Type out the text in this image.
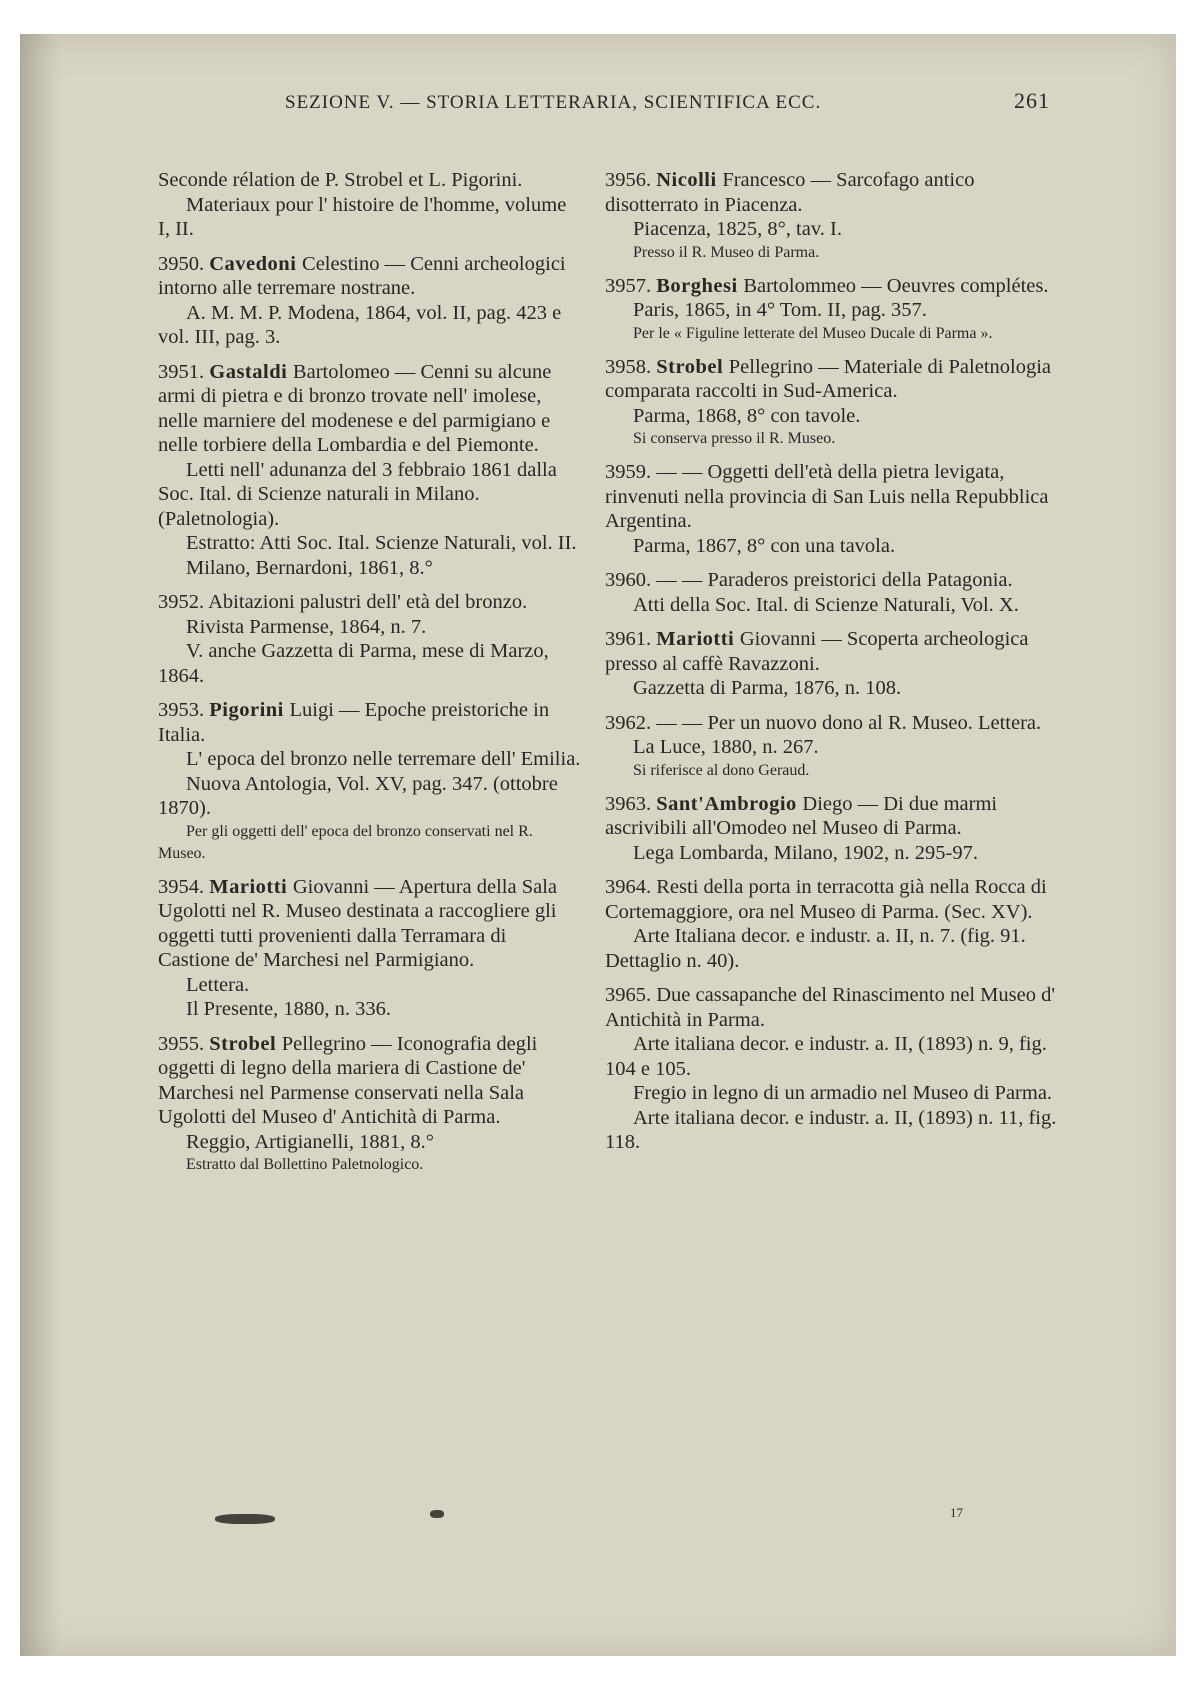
SEZIONE V. — STORIA LETTERARIA, SCIENTIFICA ECC.	261

Seconde rélation de P. Strobel et L. Pigorini.

Materiaux pour l' histoire de l'homme, volume I, II.

3950. Cavedoni Celestino — Cenni archeologici intorno alle terremare nostrane.

A. M. M. P. Modena, 1864, vol. II, pag. 423 e vol. III, pag. 3.

3951. Gastaldi Bartolomeo — Cenni su alcune armi di pietra e di bronzo trovate nell' imolese, nelle marniere del modenese e del parmigiano e nelle torbiere della Lombardia e del Piemonte.

Letti nell' adunanza del 3 febbraio 1861 dalla Soc. Ital. di Scienze naturali in Milano. (Paletnologia).

Estratto: Atti Soc. Ital. Scienze Naturali, vol. II.

Milano, Bernardoni, 1861, 8.°

3952. Abitazioni palustri dell' età del bronzo.

Rivista Parmense, 1864, n. 7.

V. anche Gazzetta di Parma, mese di Marzo, 1864.

3953. Pigorini Luigi — Epoche preistoriche in Italia.

L' epoca del bronzo nelle terremare dell' Emilia.

Nuova Antologia, Vol. XV, pag. 347. (ottobre 1870).

Per gli oggetti dell' epoca del bronzo conservati nel R. Museo.

3954. Mariotti Giovanni — Apertura della Sala Ugolotti nel R. Museo destinata a raccogliere gli oggetti tutti provenienti dalla Terramara di Castione de' Marchesi nel Parmigiano.

Lettera.

Il Presente, 1880, n. 336.

3955. Strobel Pellegrino — Iconografia degli oggetti di legno della mariera di Castione de' Marchesi nel Parmense conservati nella Sala Ugolotti del Museo d' Antichità di Parma.

Reggio, Artigianelli, 1881, 8.°

Estratto dal Bollettino Paletnologico.

3956. Nicolli Francesco — Sarcofago antico disotterrato in Piacenza.

Piacenza, 1825, 8°, tav. I.

Presso il R. Museo di Parma.

3957. Borghesi Bartolommeo — Oeuvres complétes.

Paris, 1865, in 4° Tom. II, pag. 357.

Per le « Figuline letterate del Museo Ducale di Parma ».

3958. Strobel Pellegrino — Materiale di Paletnologia comparata raccolti in Sud-America.

Parma, 1868, 8° con tavole.

Si conserva presso il R. Museo.

3959. — — Oggetti dell'età della pietra levigata, rinvenuti nella provincia di San Luis nella Repubblica Argentina.

Parma, 1867, 8° con una tavola.

3960. — — Paraderos preistorici della Patagonia.

Atti della Soc. Ital. di Scienze Naturali, Vol. X.

3961. Mariotti Giovanni — Scoperta archeologica presso al caffè Ravazzoni.

Gazzetta di Parma, 1876, n. 108.

3962. — — Per un nuovo dono al R. Museo. Lettera.

La Luce, 1880, n. 267.

Si riferisce al dono Geraud.

3963. Sant'Ambrogio Diego — Di due marmi ascrivibili all'Omodeo nel Museo di Parma.

Lega Lombarda, Milano, 1902, n. 295-97.

3964. Resti della porta in terracotta già nella Rocca di Cortemaggiore, ora nel Museo di Parma. (Sec. XV).

Arte Italiana decor. e industr. a. II, n. 7. (fig. 91. Dettaglio n. 40).

3965. Due cassapanche del Rinascimento nel Museo d' Antichità in Parma.

Arte italiana decor. e industr. a. II, (1893) n. 9, fig. 104 e 105.

Fregio in legno di un armadio nel Museo di Parma.

Arte italiana decor. e industr. a. II, (1893) n. 11, fig. 118.

17
